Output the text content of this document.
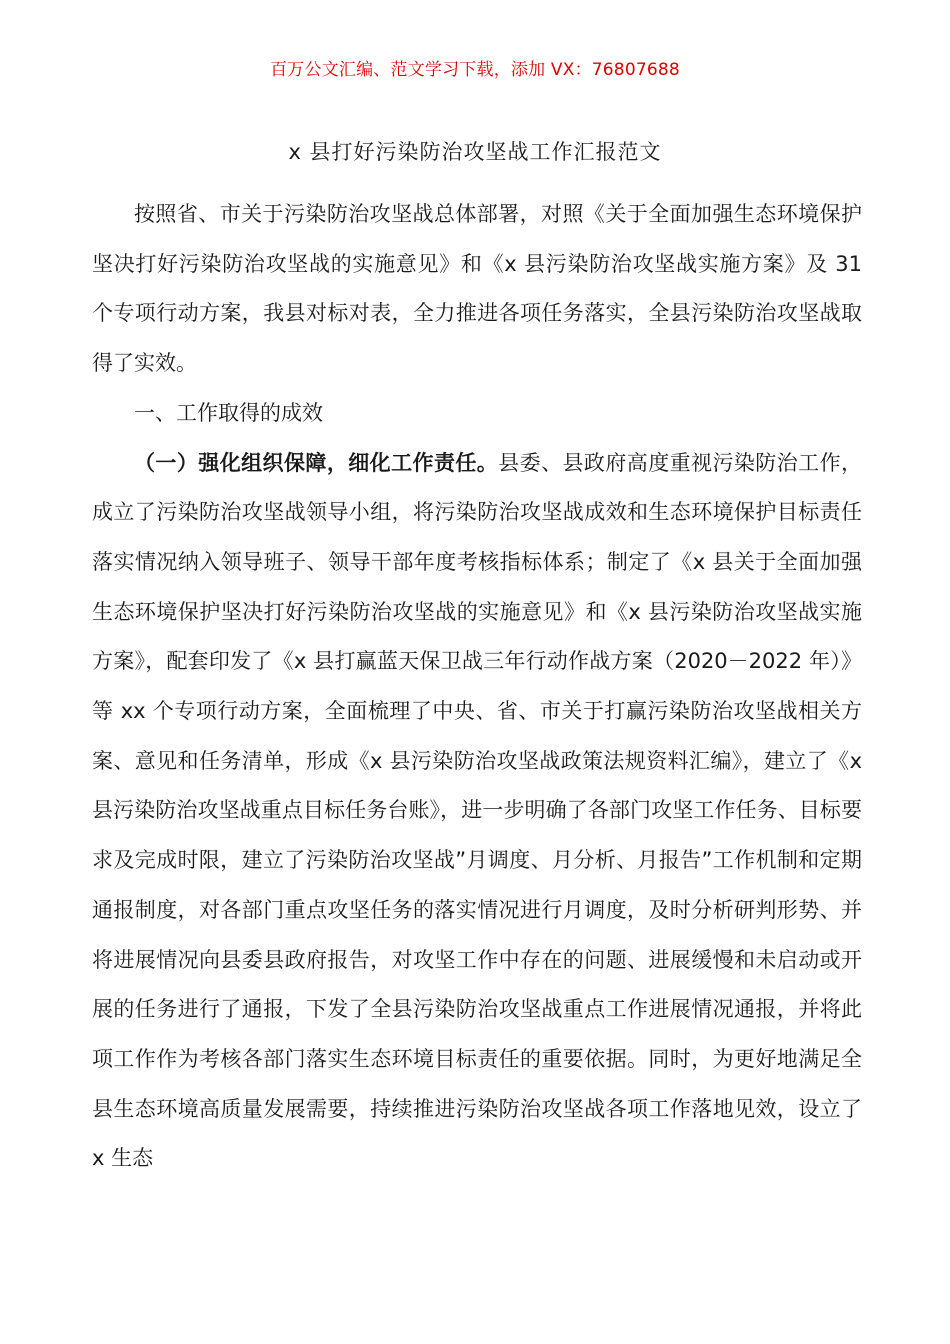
百万公文汇编、范文学习下载，添加 VX：76807688
x 县打好污染防治攻坚战工作汇报范文

按照省、市关于污染防治攻坚战总体部署，对照《关于全面加强生态环境保护坚决打好污染防治攻坚战的实施意见》和《x 县污染防治攻坚战实施方案》及 31 个专项行动方案，我县对标对表，全力推进各项任务落实，全县污染防治攻坚战取得了实效。

一、工作取得的成效

（一）强化组织保障，细化工作责任。县委、县政府高度重视污染防治工作，成立了污染防治攻坚战领导小组，将污染防治攻坚战成效和生态环境保护目标责任落实情况纳入领导班子、领导干部年度考核指标体系；制定了《x 县关于全面加强生态环境保护坚决打好污染防治攻坚战的实施意见》和《x 县污染防治攻坚战实施方案》，配套印发了《x 县打赢蓝天保卫战三年行动作战方案（2020－2022 年）》等 xx 个专项行动方案，全面梳理了中央、省、市关于打赢污染防治攻坚战相关方案、意见和任务清单，形成《x 县污染防治攻坚战政策法规资料汇编》，建立了《x 县污染防治攻坚战重点目标任务台账》，进一步明确了各部门攻坚工作任务、目标要求及完成时限，建立了污染防治攻坚战”月调度、月分析、月报告”工作机制和定期通报制度，对各部门重点攻坚任务的落实情况进行月调度，及时分析研判形势、并将进展情况向县委县政府报告，对攻坚工作中存在的问题、进展缓慢和未启动或开展的任务进行了通报，下发了全县污染防治攻坚战重点工作进展情况通报，并将此项工作作为考核各部门落实生态环境目标责任的重要依据。同时，为更好地满足全县生态环境高质量发展需要，持续推进污染防治攻坚战各项工作落地见效，设立了 x 生态
